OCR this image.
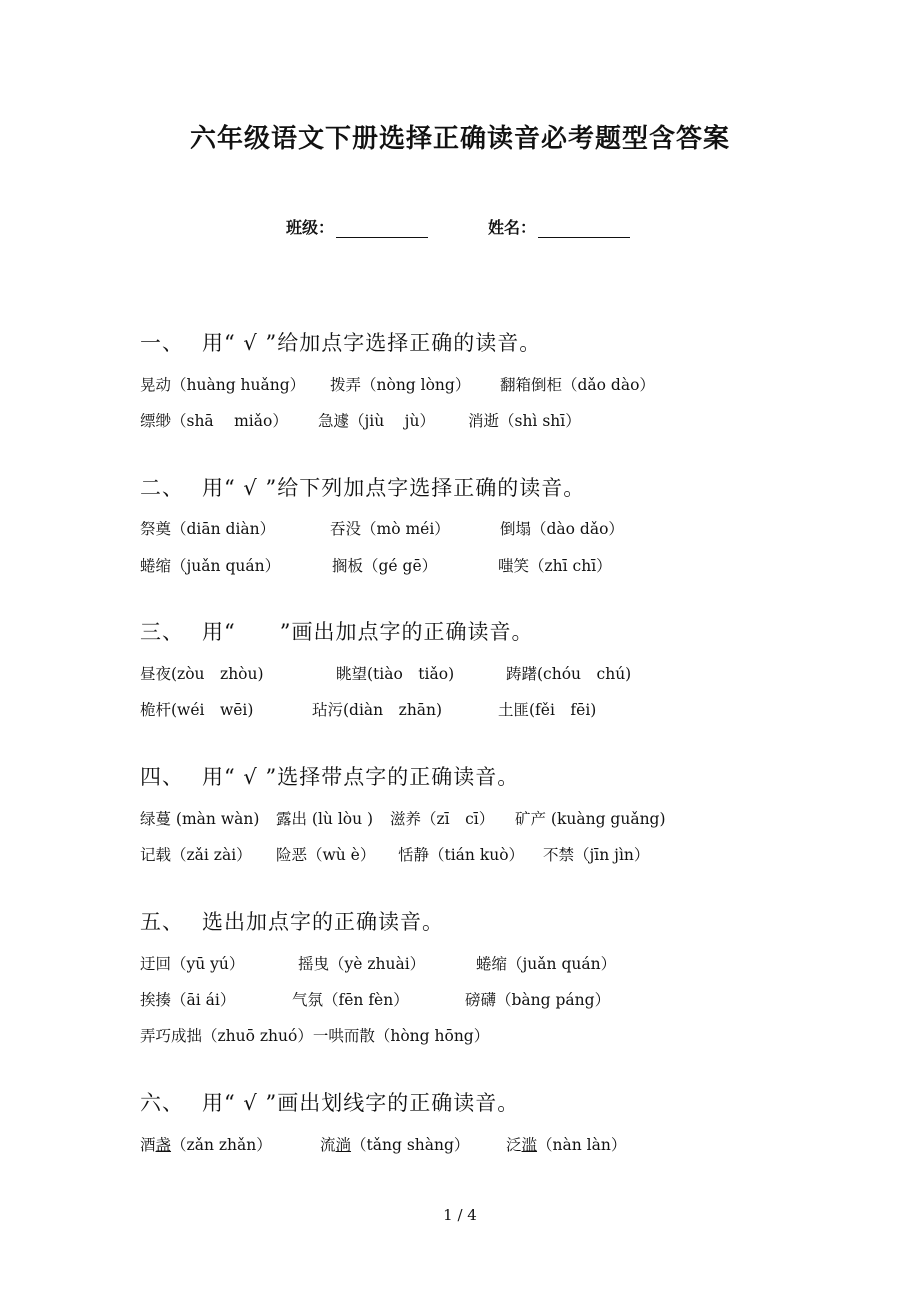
六年级语文下册选择正确读音必考题型含答案
班级：	姓名：
一、 用“ √ ”给加点字选择正确的读音。
晃动（huàng huǎng） 拨弄（nòng lòng） 翻箱倒柜（dǎo dào）
缥缈（shā　 miǎo） 急遽（jiù　 jù） 消逝（shì shī）
二、 用“ √ ”给下列加点字选择正确的读音。
祭奠（diān diàn）	吞没（mò méi）	倒塌（dào dǎo）
蜷缩（juǎn quán）	搁板（gé gē）	嗤笑（zhī chī）
三、 用“　　”画出加点字的正确读音。
昼夜(zòu　zhòu)	眺望(tiào　tiǎo)	踌躇(chóu　chú)
桅杆(wéi　wēi)	玷污(diàn　zhān)	土匪(fěi　fēi)
四、 用“ √ ”选择带点字的正确读音。
绿蔓 (màn wàn) 露出 (lù lòu ) 滋养（zī　cī） 矿产 (kuàng guǎng)
记载（zǎi zài） 险恶（wù è） 恬静（tián kuò） 不禁（jīn jìn）
五、 选出加点字的正确读音。
迂回（yū yú）	摇曳（yè zhuài）	蜷缩（juǎn quán）
挨揍（āi ái）	气氛（fēn fèn）	磅礴（bàng páng）
弄巧成拙（zhuō zhuó）一哄而散（hòng hōng）
六、 用“ √ ”画出划线字的正确读音。
酒盏（zǎn zhǎn）	流淌（tǎng shàng） 泛滥（nàn làn）
1 / 4
